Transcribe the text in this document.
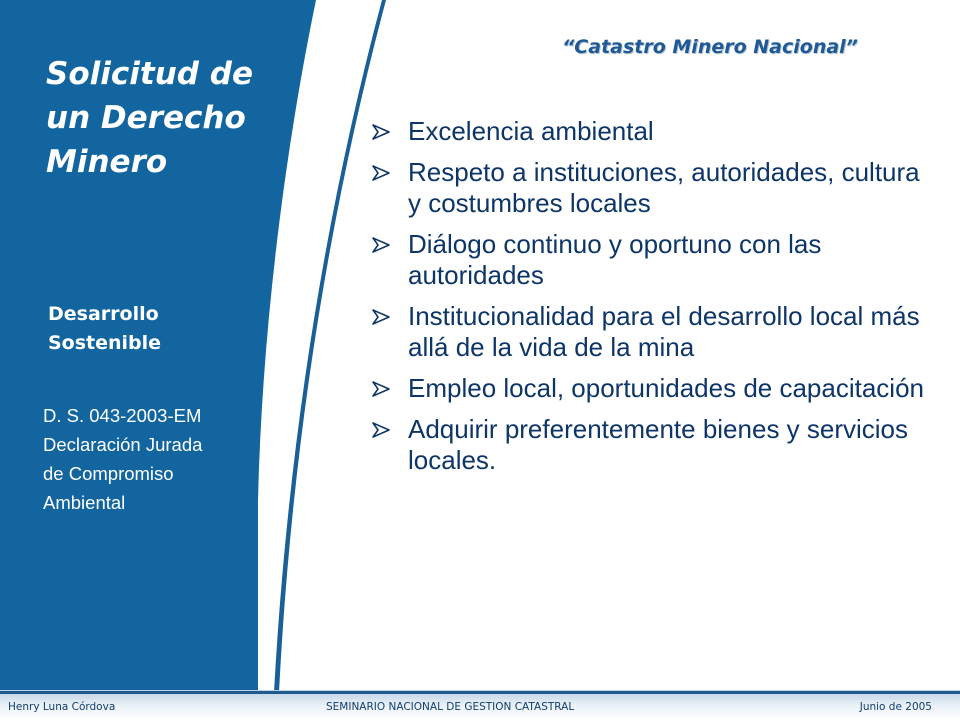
Solicitud de
un Derecho
Minero
Desarrollo
Sostenible
D. S. 043-2003-EM
Declaración Jurada
de Compromiso
Ambiental
“Catastro Minero Nacional”
Excelencia ambiental
Respeto a instituciones, autoridades, cultura y costumbres locales
Diálogo continuo y oportuno con las autoridades
Institucionalidad para el desarrollo local más allá de la vida de la mina
Empleo local, oportunidades de capacitación
Adquirir preferentemente bienes y servicios locales.
Henry Luna Córdova	SEMINARIO NACIONAL DE GESTION CATASTRAL	Junio de 2005
